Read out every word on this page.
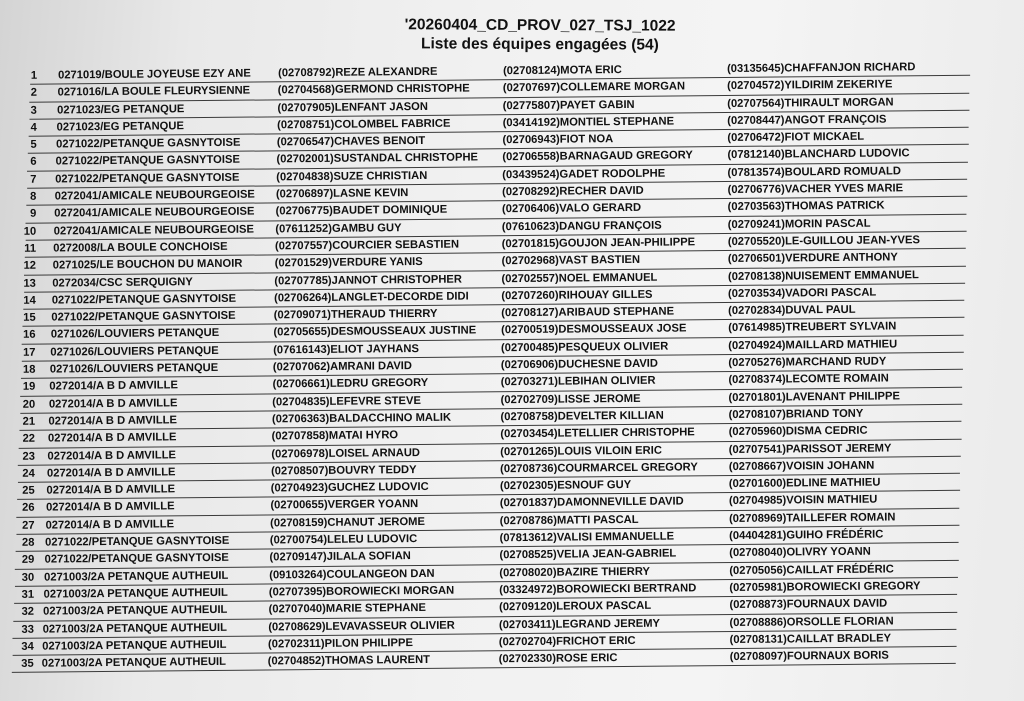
'20260404_CD_PROV_027_TSJ_1022
Liste des équipes engagées (54)
1 0271019/BOULE JOYEUSE EZY ANE (02708792)REZE ALEXANDRE	(02708124)MOTA ERIC	(03135645)CHAFFANJON RICHARD
2 0271016/LA BOULE FLEURYSIENNE (02704568)GERMOND CHRISTOPHE	(02707697)COLLEMARE MORGAN	(02704572)YILDIRIM ZEKERIYE
3 0271023/EG PETANQUE	(02707905)LENFANT JASON	(02775807)PAYET GABIN	(02707564)THIRAULT MORGAN
4 0271023/EG PETANQUE	(02708751)COLOMBEL FABRICE	(03414192)MONTIEL STEPHANE	(02708447)ANGOT FRANÇOIS
5 0271022/PETANQUE GASNYTOISE	(02706547)CHAVES BENOIT	(02706943)FIOT NOA	(02706472)FIOT MICKAEL
6 0271022/PETANQUE GASNYTOISE	(02702001)SUSTANDAL CHRISTOPHE (02706558)BARNAGAUD GREGORY	(07812140)BLANCHARD LUDOVIC
7 0271022/PETANQUE GASNYTOISE	(02704838)SUZE CHRISTIAN	(03439524)GADET RODOLPHE	(07813574)BOULARD ROMUALD
8 0272041/AMICALE NEUBOURGEOISE (02706897)LASNE KEVIN	(02708292)RECHER DAVID	(02706776)VACHER YVES MARIE
9 0272041/AMICALE NEUBOURGEOISE (02706775)BAUDET DOMINIQUE	(02706406)VALO GERARD	(02703563)THOMAS PATRICK
10 0272041/AMICALE NEUBOURGEOISE (07611252)GAMBU GUY	(07610623)DANGU FRANÇOIS	(02709241)MORIN PASCAL
11 0272008/LA BOULE CONCHOISE	(02707557)COURCIER SEBASTIEN	(02701815)GOUJON JEAN-PHILIPPE	(02705520)LE-GUILLOU JEAN-YVES
12 0271025/LE BOUCHON DU MANOIR	(02701529)VERDURE YANIS	(02702968)VAST BASTIEN	(02706501)VERDURE ANTHONY
13 0272034/CSC SERQUIGNY	(02707785)JANNOT CHRISTOPHER	(02702557)NOEL EMMANUEL	(02708138)NUISEMENT EMMANUEL
14 0271022/PETANQUE GASNYTOISE	(02706264)LANGLET-DECORDE DIDI	(02707260)RIHOUAY GILLES	(02703534)VADORI PASCAL
15 0271022/PETANQUE GASNYTOISE	(02709071)THERAUD THIERRY	(02708127)ARIBAUD STEPHANE	(02702834)DUVAL PAUL
16 0271026/LOUVIERS PETANQUE	(02705655)DESMOUSSEAUX JUSTINE (02700519)DESMOUSSEAUX JOSE	(07614985)TREUBERT SYLVAIN
17 0271026/LOUVIERS PETANQUE	(07616143)ELIOT JAYHANS	(02700485)PESQUEUX OLIVIER	(02704924)MAILLARD MATHIEU
18 0271026/LOUVIERS PETANQUE	(02707062)AMRANI DAVID	(02706906)DUCHESNE DAVID	(02705276)MARCHAND RUDY
19 0272014/A B D AMVILLE	(02706661)LEDRU GREGORY	(02703271)LEBIHAN OLIVIER	(02708374)LECOMTE ROMAIN
20 0272014/A B D AMVILLE	(02704835)LEFEVRE STEVE	(02702709)LISSE JEROME	(02701801)LAVENANT PHILIPPE
21 0272014/A B D AMVILLE	(02706363)BALDACCHINO MALIK	(02708758)DEVELTER KILLIAN	(02708107)BRIAND TONY
22 0272014/A B D AMVILLE	(02707858)MATAI HYRO	(02703454)LETELLIER CHRISTOPHE	(02705960)DISMA CEDRIC
23 0272014/A B D AMVILLE	(02706978)LOISEL ARNAUD	(02701265)LOUIS VILOIN ERIC	(02707541)PARISSOT JEREMY
24 0272014/A B D AMVILLE	(02708507)BOUVRY TEDDY	(02708736)COURMARCEL GREGORY	(02708667)VOISIN JOHANN
25 0272014/A B D AMVILLE	(02704923)GUCHEZ LUDOVIC	(02702305)ESNOUF GUY	(02701600)EDLINE MATHIEU
26 0272014/A B D AMVILLE	(02700655)VERGER YOANN	(02701837)DAMONNEVILLE DAVID	(02704985)VOISIN MATHIEU
27 0272014/A B D AMVILLE	(02708159)CHANUT JEROME	(02708786)MATTI PASCAL	(02708969)TAILLEFER ROMAIN
28 0271022/PETANQUE GASNYTOISE	(02700754)LELEU LUDOVIC	(07813612)VALISI EMMANUELLE	(04404281)GUIHO FRÉDÉRIC
29 0271022/PETANQUE GASNYTOISE	(02709147)JILALA SOFIAN	(02708525)VELIA JEAN-GABRIEL	(02708040)OLIVRY YOANN
30 0271003/2A PETANQUE AUTHEUIL	(09103264)COULANGEON DAN	(02708020)BAZIRE THIERRY	(02705056)CAILLAT FRÉDÉRIC
31 0271003/2A PETANQUE AUTHEUIL	(02707395)BOROWIECKI MORGAN	(03324972)BOROWIECKI BERTRAND	(02705981)BOROWIECKI GREGORY
32 0271003/2A PETANQUE AUTHEUIL	(02707040)MARIE STEPHANE	(02709120)LEROUX PASCAL	(02708873)FOURNAUX DAVID
33 0271003/2A PETANQUE AUTHEUIL	(02708629)LEVAVASSEUR OLIVIER	(02703411)LEGRAND JEREMY	(02708886)ORSOLLE FLORIAN
34 0271003/2A PETANQUE AUTHEUIL	(02702311)PILON PHILIPPE	(02702704)FRICHOT ERIC	(02708131)CAILLAT BRADLEY
35 0271003/2A PETANQUE AUTHEUIL	(02704852)THOMAS LAURENT	(02702330)ROSE ERIC	(02708097)FOURNAUX BORIS
